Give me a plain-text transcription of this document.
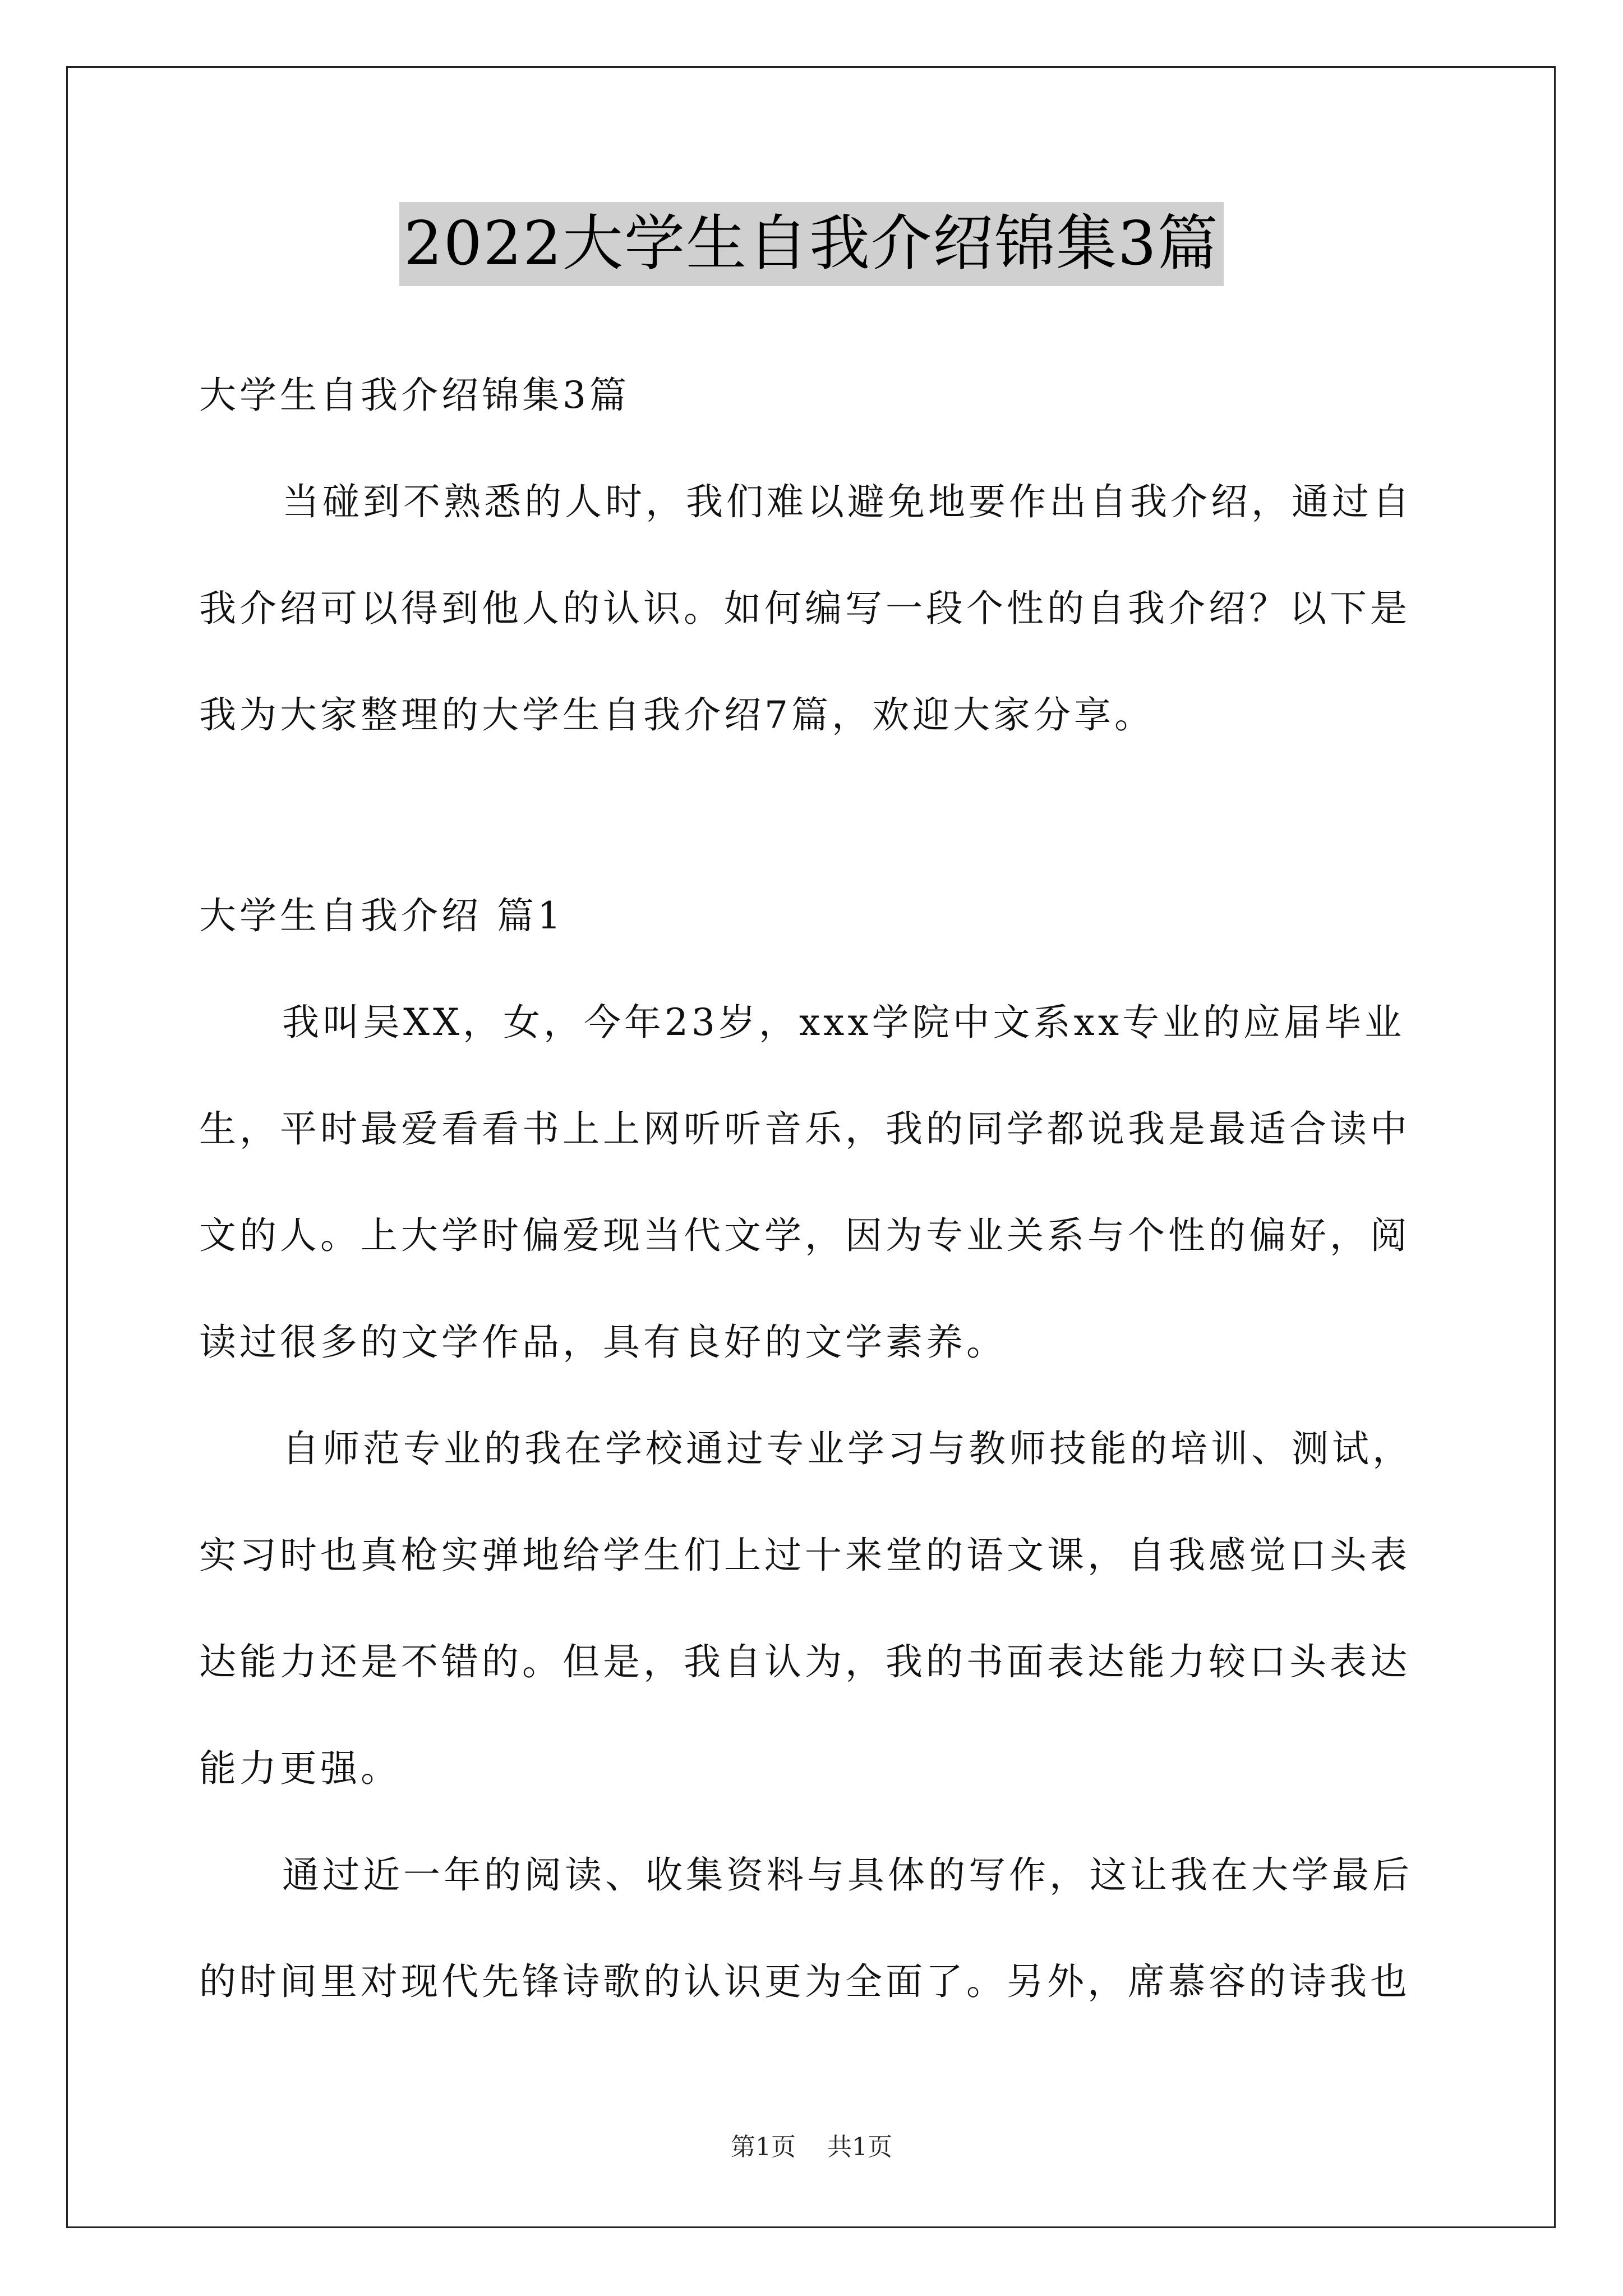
2022大学生自我介绍锦集3篇

大学生自我介绍锦集3篇

当碰到不熟悉的人时，我们难以避免地要作出自我介绍，通过自

我介绍可以得到他人的认识。如何编写一段个性的自我介绍？以下是

我为大家整理的大学生自我介绍7篇，欢迎大家分享。

大学生自我介绍 篇1

我叫吴XX，女，今年23岁，xxx学院中文系xx专业的应届毕业

生，平时最爱看看书上上网听听音乐，我的同学都说我是最适合读中

文的人。上大学时偏爱现当代文学，因为专业关系与个性的偏好，阅

读过很多的文学作品，具有良好的文学素养。

自师范专业的我在学校通过专业学习与教师技能的培训、测试，

实习时也真枪实弹地给学生们上过十来堂的语文课，自我感觉口头表

达能力还是不错的。但是，我自认为，我的书面表达能力较口头表达

能力更强。

通过近一年的阅读、收集资料与具体的写作，这让我在大学最后

的时间里对现代先锋诗歌的认识更为全面了。另外，席慕容的诗我也

第1页 共1页
